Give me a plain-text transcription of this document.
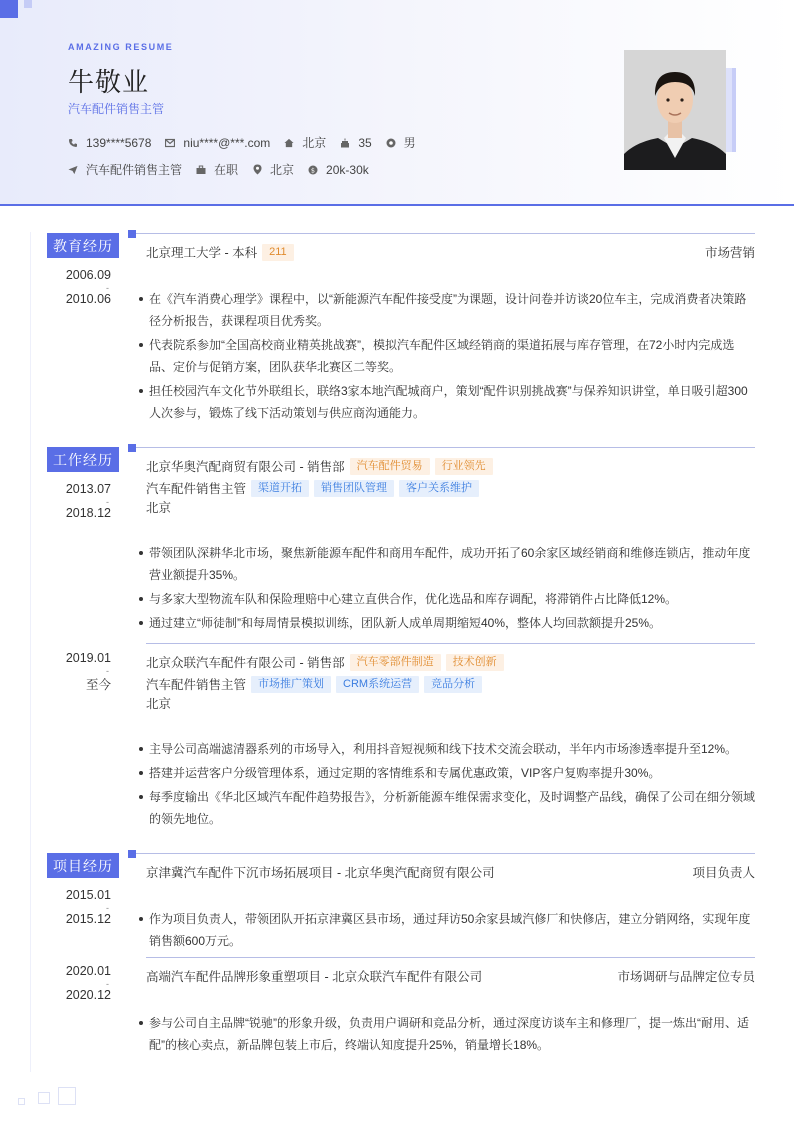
AMAZING RESUME
牛敬业
汽车配件销售主管
139****5678	niu****@***.com	北京	35	男
汽车配件销售主管	在职	北京	$ 20k-30k
教育经历
2006.09
-
2010.06
北京理工大学 - 本科	211	市场营销
在《汽车消费心理学》课程中，以“新能源汽车配件接受度”为课题，设计问卷并访谈20位车主，完成消费者决策路径分析报告，获课程项目优秀奖。
代表院系参加“全国高校商业精英挑战赛”，模拟汽车配件区域经销商的渠道拓展与库存管理，在72小时内完成选品、定价与促销方案，团队获华北赛区二等奖。
担任校园汽车文化节外联组长，联络3家本地汽配城商户，策划“配件识别挑战赛”与保养知识讲堂，单日吸引超300人次参与，锻炼了线下活动策划与供应商沟通能力。
工作经历
2013.07
-
2018.12
北京华奥汽配商贸有限公司 - 销售部	汽车配件贸易	行业领先
汽车配件销售主管	渠道开拓	销售团队管理	客户关系维护
北京
带领团队深耕华北市场，聚焦新能源车配件和商用车配件，成功开拓了60余家区域经销商和维修连锁店，推动年度营业额提升35%。
与多家大型物流车队和保险理赔中心建立直供合作，优化选品和库存调配，将滞销件占比降低12%。
通过建立“师徒制”和每周情景模拟训练，团队新人成单周期缩短40%，整体人均回款额提升25%。
2019.01
-
至今
北京众联汽车配件有限公司 - 销售部	汽车零部件制造	技术创新
汽车配件销售主管	市场推广策划	CRM系统运营	竞品分析
北京
主导公司高端滤清器系列的市场导入，利用抖音短视频和线下技术交流会联动，半年内市场渗透率提升至12%。
搭建并运营客户分级管理体系，通过定期的客情维系和专属优惠政策，VIP客户复购率提升30%。
每季度输出《华北区域汽车配件趋势报告》，分析新能源车维保需求变化，及时调整产品线，确保了公司在细分领域的领先地位。
项目经历
2015.01
-
2015.12
京津冀汽车配件下沉市场拓展项目 - 北京华奥汽配商贸有限公司	项目负责人
作为项目负责人，带领团队开拓京津冀区县市场，通过拜访50余家县域汽修厂和快修店，建立分销网络，实现年度销售额600万元。
2020.01
-
2020.12
高端汽车配件品牌形象重塑项目 - 北京众联汽车配件有限公司	市场调研与品牌定位专员
参与公司自主品牌“锐驰”的形象升级，负责用户调研和竞品分析，通过深度访谈车主和修理厂，提一炼出“耐用、适配”的核心卖点，新品牌包装上市后，终端认知度提升25%，销量增长18%。
